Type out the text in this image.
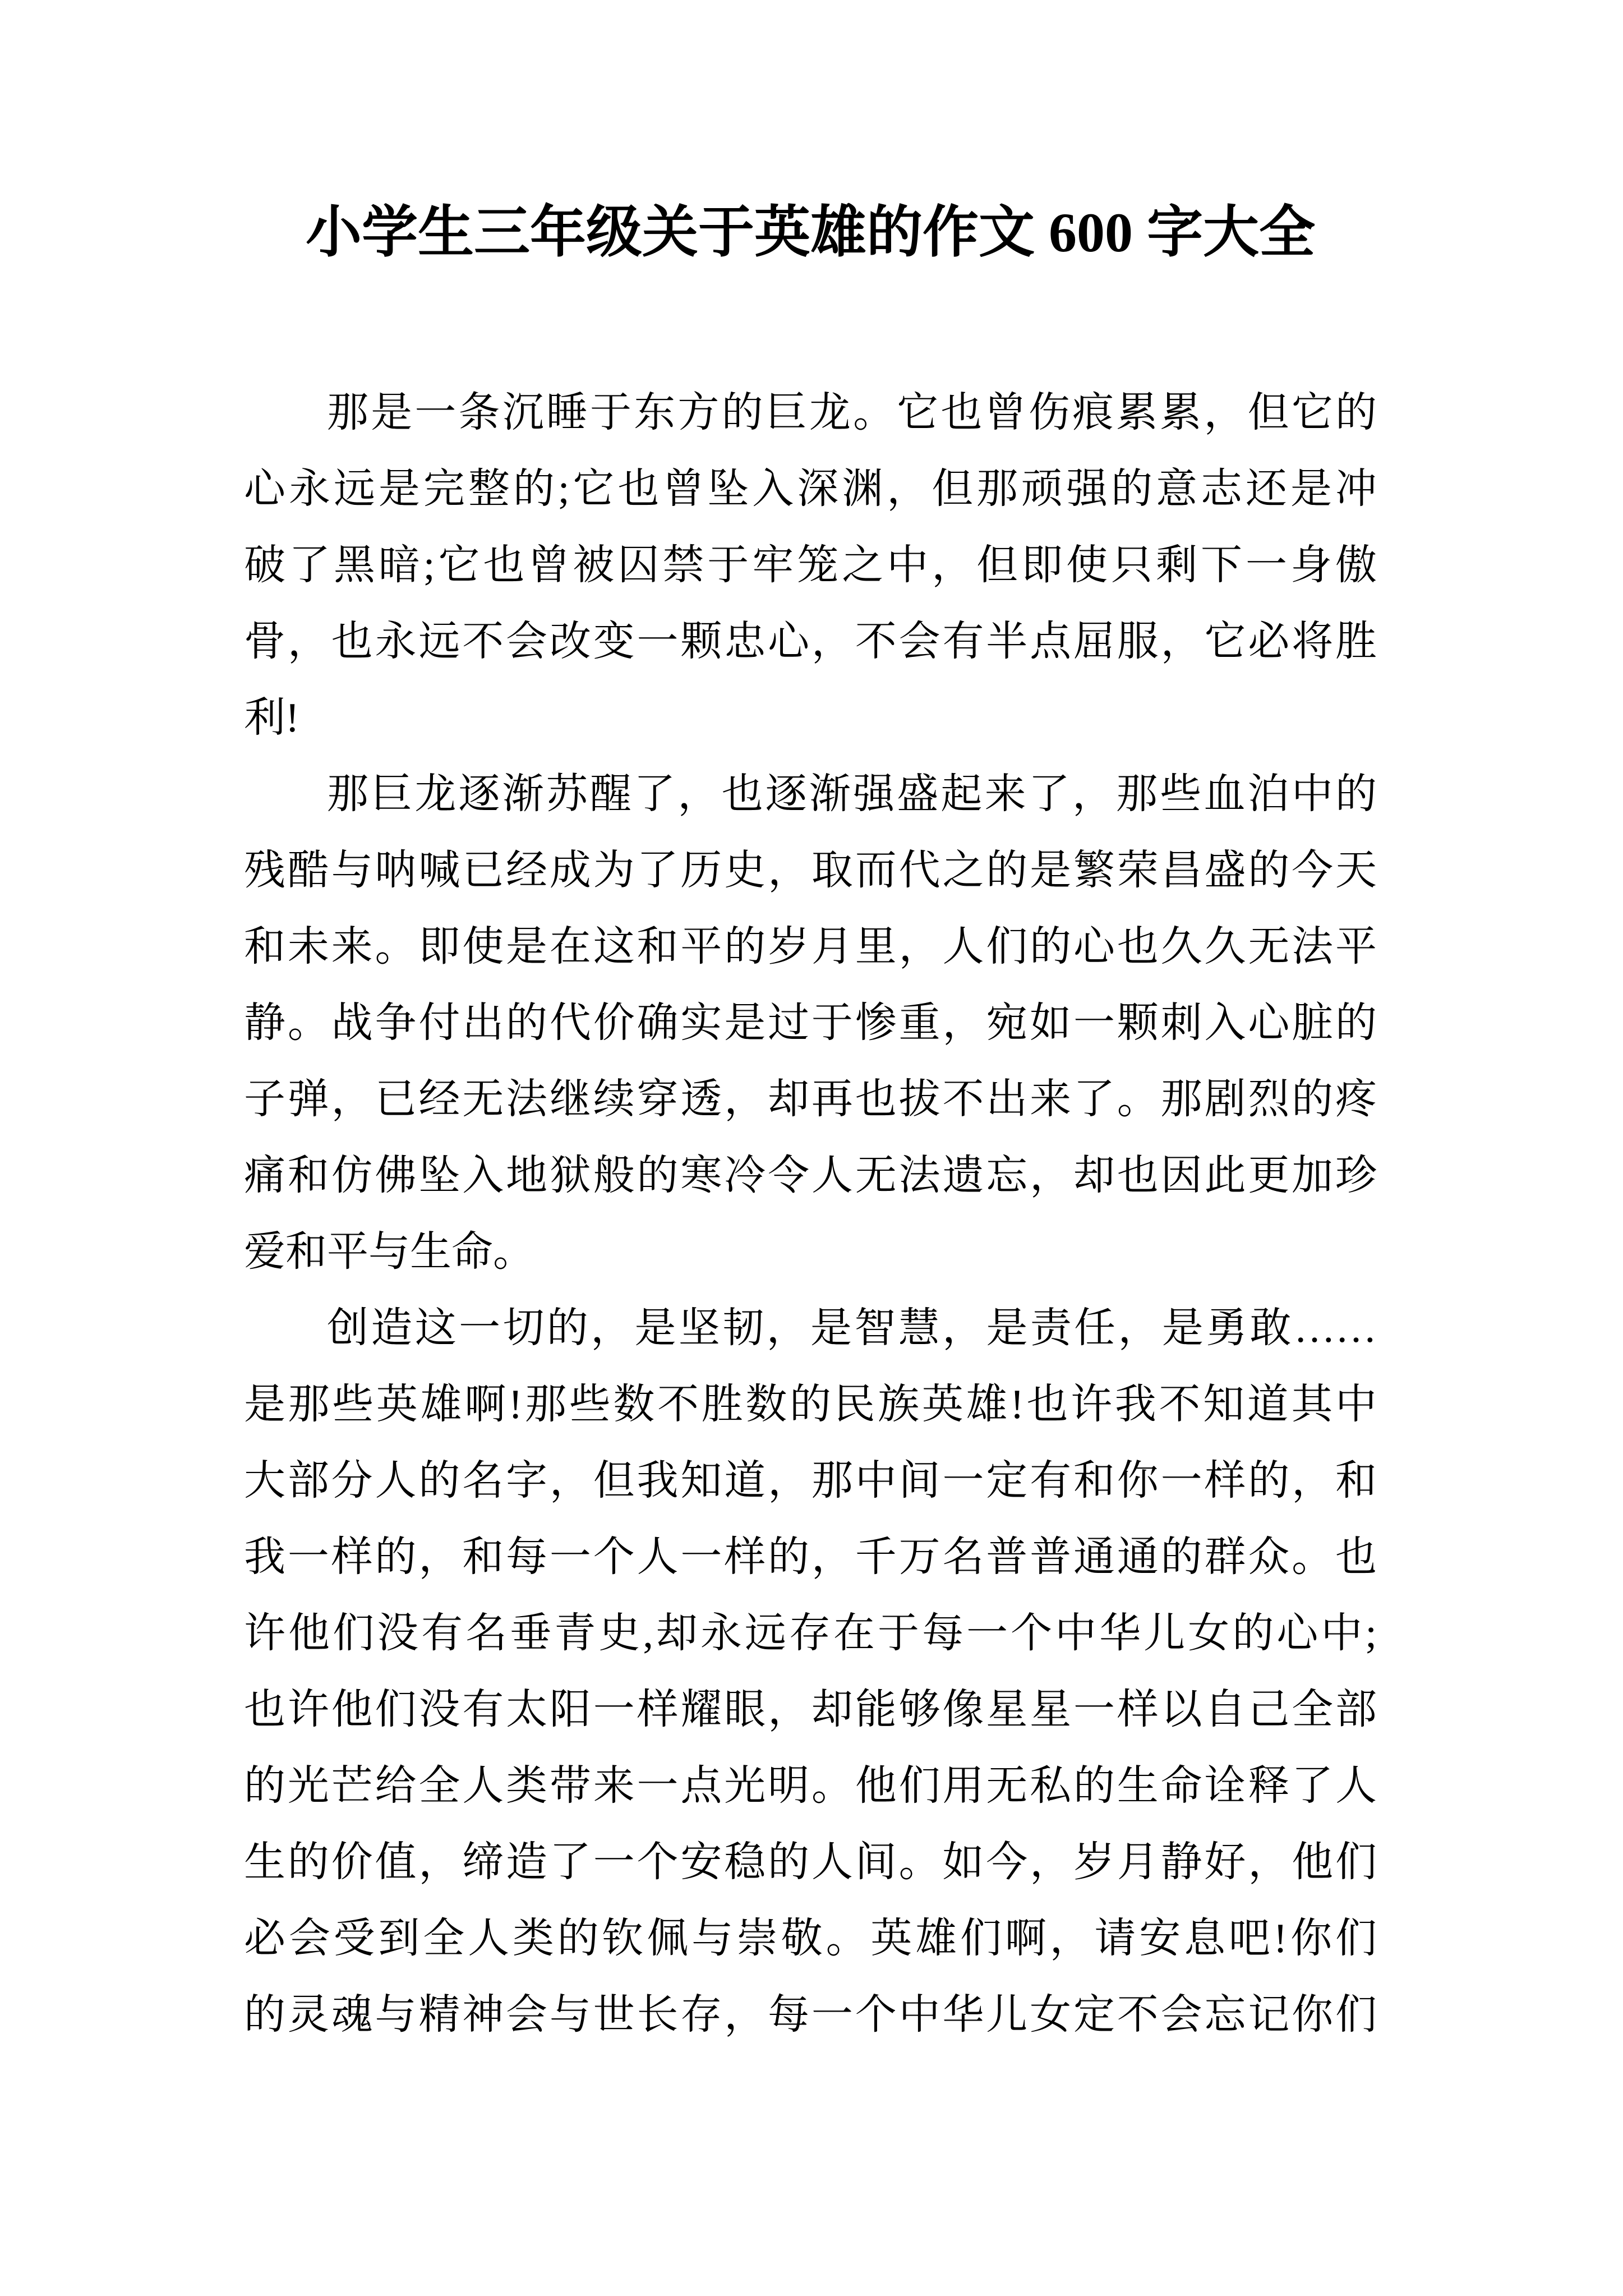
小学生三年级关于英雄的作文 600 字大全
那是一条沉睡于东方的巨龙。它也曾伤痕累累，但它的
心永远是完整的;它也曾坠入深渊，但那顽强的意志还是冲
破了黑暗;它也曾被囚禁于牢笼之中，但即使只剩下一身傲
骨，也永远不会改变一颗忠心，不会有半点屈服，它必将胜
利!
那巨龙逐渐苏醒了，也逐渐强盛起来了，那些血泊中的
残酷与呐喊已经成为了历史，取而代之的是繁荣昌盛的今天
和未来。即使是在这和平的岁月里，人们的心也久久无法平
静。战争付出的代价确实是过于惨重，宛如一颗刺入心脏的
子弹，已经无法继续穿透，却再也拔不出来了。那剧烈的疼
痛和仿佛坠入地狱般的寒冷令人无法遗忘，却也因此更加珍
爱和平与生命。
创造这一切的，是坚韧，是智慧，是责任，是勇敢……
是那些英雄啊!那些数不胜数的民族英雄!也许我不知道其中
大部分人的名字，但我知道，那中间一定有和你一样的，和
我一样的，和每一个人一样的，千万名普普通通的群众。也
许他们没有名垂青史,却永远存在于每一个中华儿女的心中;
也许他们没有太阳一样耀眼，却能够像星星一样以自己全部
的光芒给全人类带来一点光明。他们用无私的生命诠释了人
生的价值，缔造了一个安稳的人间。如今，岁月静好，他们
必会受到全人类的钦佩与崇敬。英雄们啊，请安息吧!你们
的灵魂与精神会与世长存，每一个中华儿女定不会忘记你们
